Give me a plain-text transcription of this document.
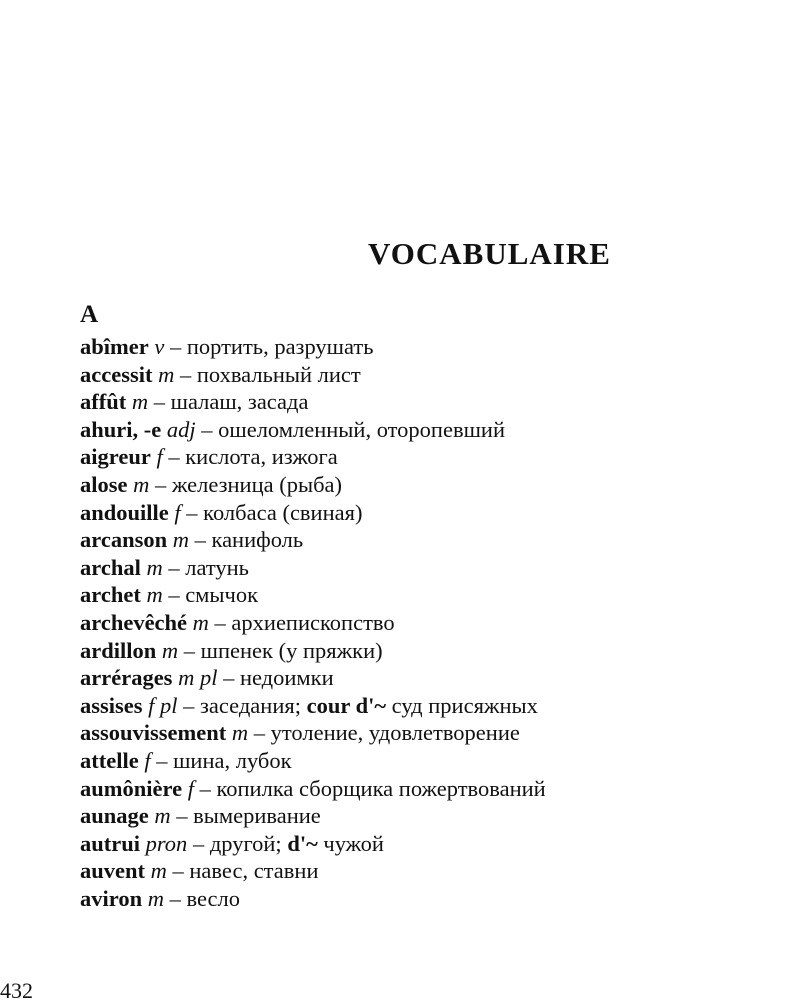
VOCABULAIRE
A
abîmer v – портить, разрушать
accessit m – похвальный лист
affût m – шалаш, засада
ahuri, -e adj – ошеломленный, оторопевший
aigreur f – кислота, изжога
alose m – железница (рыба)
andouille f – колбаса (свиная)
arcanson m – канифоль
archal m – латунь
archet m – смычок
archevêché m – архиепископство
ardillon m – шпенек (у пряжки)
arrérages m pl – недоимки
assises f pl – заседания; cour d'~ суд присяжных
assouvissement m – утоление, удовлетворение
attelle f – шина, лубок
aumônière f – копилка сборщика пожертвований
aunage m – вымеривание
autrui pron – другой; d'~ чужой
auvent m – навес, ставни
aviron m – весло

432
